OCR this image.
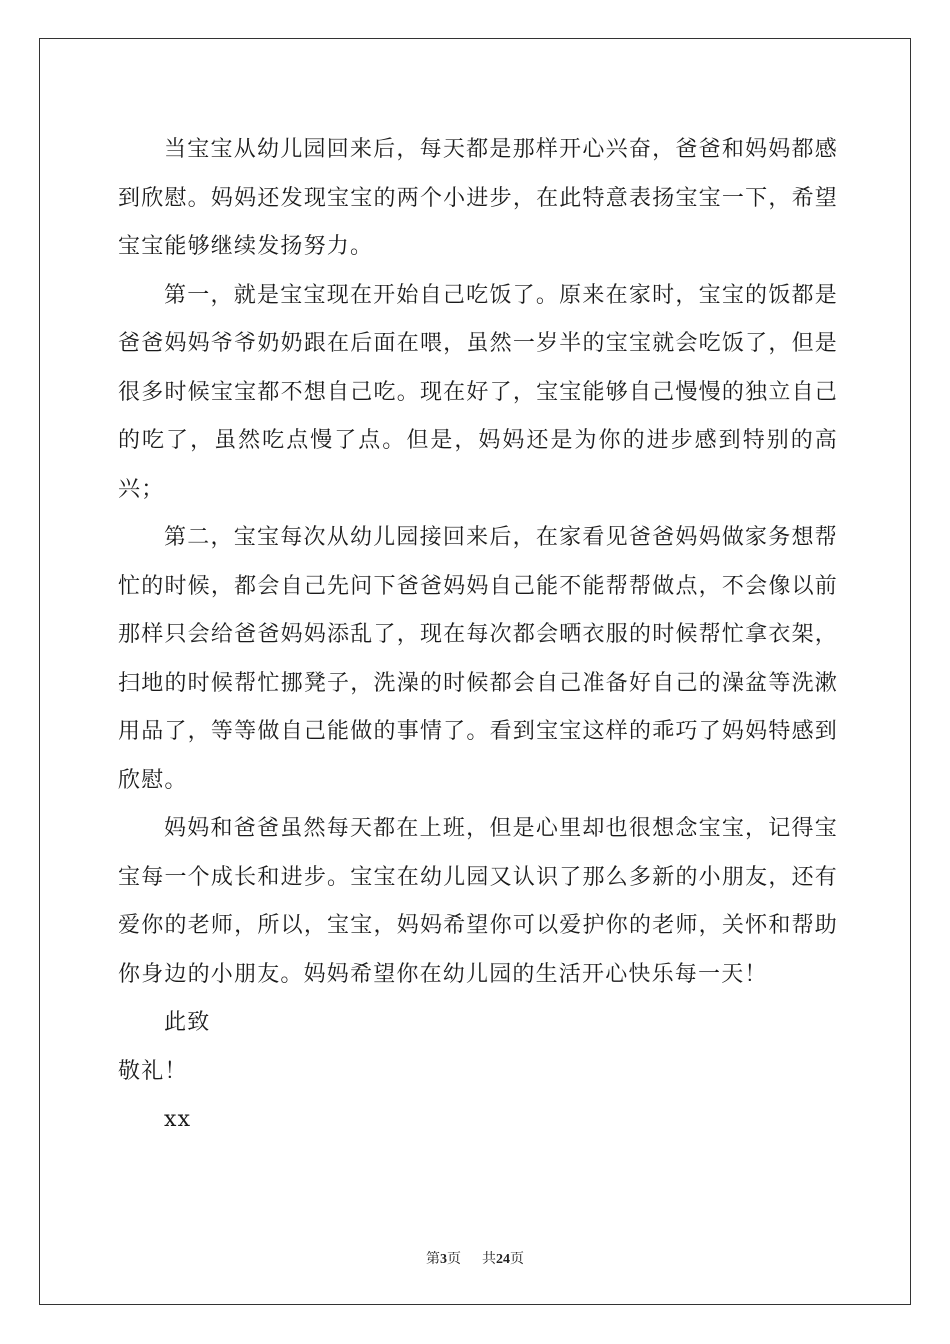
当宝宝从幼儿园回来后，每天都是那样开心兴奋，爸爸和妈妈都感到欣慰。妈妈还发现宝宝的两个小进步，在此特意表扬宝宝一下，希望宝宝能够继续发扬努力。

第一，就是宝宝现在开始自己吃饭了。原来在家时，宝宝的饭都是爸爸妈妈爷爷奶奶跟在后面在喂，虽然一岁半的宝宝就会吃饭了，但是很多时候宝宝都不想自己吃。现在好了，宝宝能够自己慢慢的独立自己的吃了，虽然吃点慢了点。但是，妈妈还是为你的进步感到特别的高兴；

第二，宝宝每次从幼儿园接回来后，在家看见爸爸妈妈做家务想帮忙的时候，都会自己先问下爸爸妈妈自己能不能帮帮做点，不会像以前那样只会给爸爸妈妈添乱了，现在每次都会晒衣服的时候帮忙拿衣架，扫地的时候帮忙挪凳子，洗澡的时候都会自己准备好自己的澡盆等洗漱用品了，等等做自己能做的事情了。看到宝宝这样的乖巧了妈妈特感到欣慰。

妈妈和爸爸虽然每天都在上班，但是心里却也很想念宝宝，记得宝宝每一个成长和进步。宝宝在幼儿园又认识了那么多新的小朋友，还有爱你的老师，所以，宝宝，妈妈希望你可以爱护你的老师，关怀和帮助你身边的小朋友。妈妈希望你在幼儿园的生活开心快乐每一天！

此致

敬礼！

xx

第3页 共24页
